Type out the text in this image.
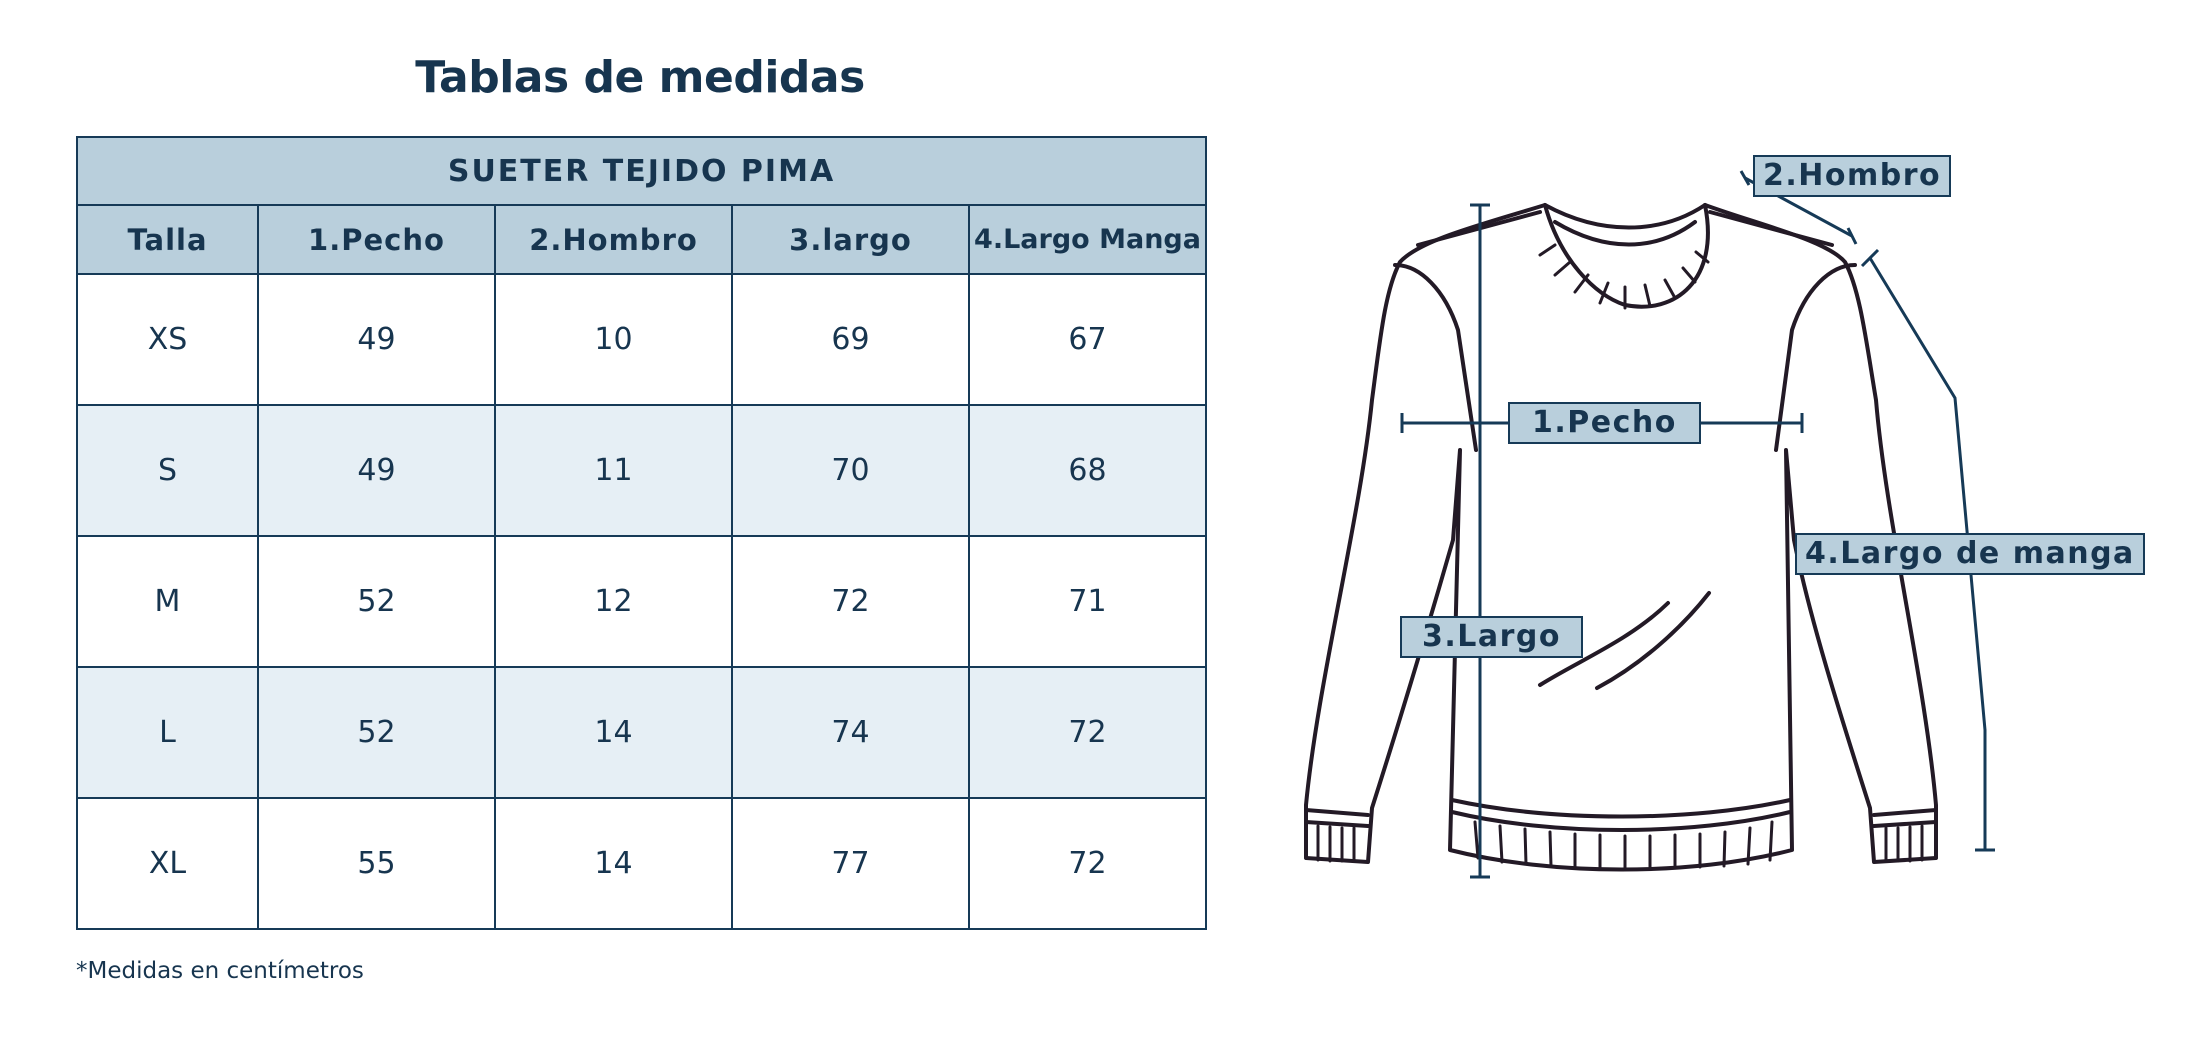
Tablas de medidas
SUETER TEJIDO PIMA				
Talla	1.Pecho	2.Hombro	3.largo	4.Largo Manga
XS	49	10	69	67
S	49	11	70	68
M	52	12	72	71
L	52	14	74	72
XL	55	14	77	72
*Medidas en centímetros
2.Hombro
1.Pecho
4.Largo de manga
3.Largo
